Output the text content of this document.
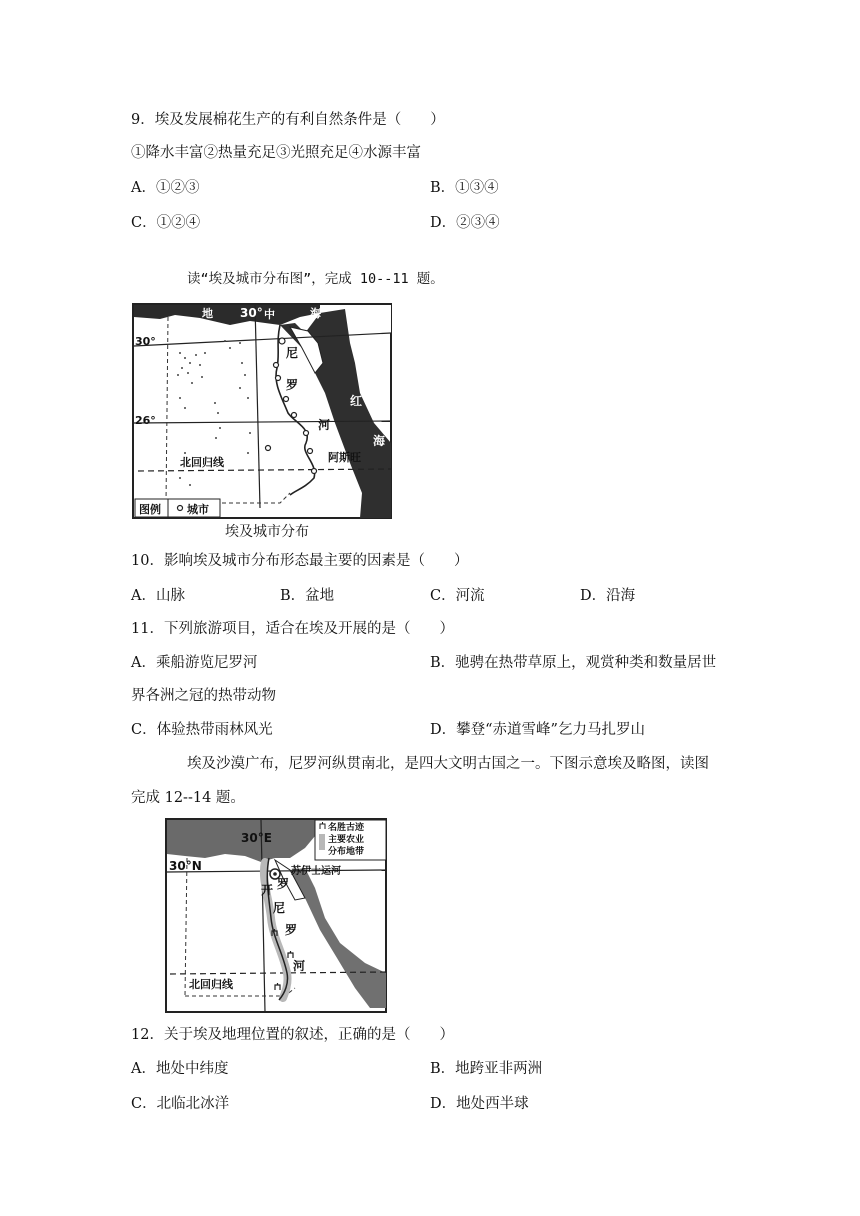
9．埃及发展棉花生产的有利自然条件是（　　）
①降水丰富②热量充足③光照充足④水源丰富
A．①②③	B．①③④
C．①②④	D．②③④
读“埃及城市分布图”，完成 10--11 题。
地 30° 中	海
30°
26°
尼
罗
河
红
海
阿斯旺
北回归线
图例 城市
埃及城市分布
10．影响埃及城市分布形态最主要的因素是（　　）
A．山脉	B．盆地	C．河流	D．沿海
11．下列旅游项目，适合在埃及开展的是（　　）
A．乘船游览尼罗河	B．驰骋在热带草原上，观赏种类和数量居世
界各洲之冠的热带动物
C．体验热带雨林风光	D．攀登“赤道雪峰”乞力马扎罗山
埃及沙漠广布，尼罗河纵贯南北，是四大文明古国之一。下图示意埃及略图，读图
完成 12--14 题。
名胜古迹
主要农业
分布地带
30°E
30°N	苏伊士运河
开 罗
尼
罗
河
北回归线
12．关于埃及地理位置的叙述，正确的是（　　）
A．地处中纬度	B．地跨亚非两洲
C．北临北冰洋	D．地处西半球
